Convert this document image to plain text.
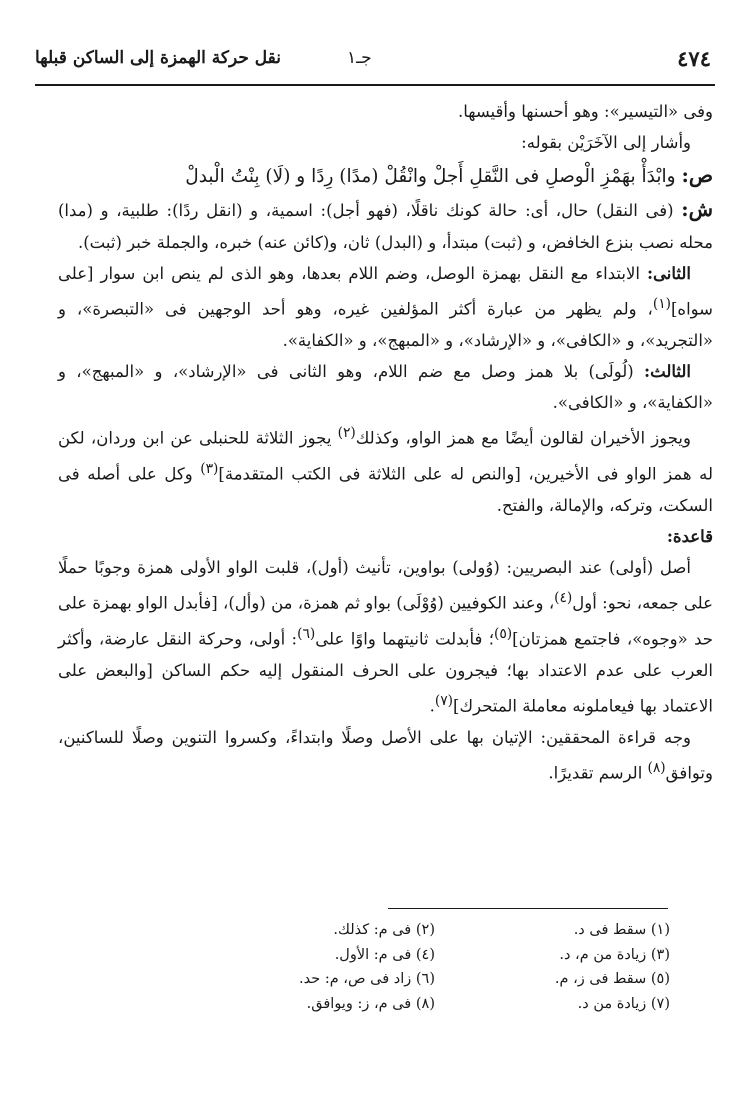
٤٧٤
جـ١
نقل حركة الهمزة إلى الساكن قبلها

وفى «التيسير»: وهو أحسنها وأقيسها.

وأشار إلى الآخَرَيْن بقوله:

ص: وابْدَأْ بهَمْزِ الْوصلِ فى النَّقلِ أَجلْ وانْقُلْ (مدًا) رِدًا و (لَا) بِنْتُ الْبدلْ

ش: (فى النقل) حال، أى: حالة كونك ناقلًا، (فهو أجل): اسمية، و (انقل ردًا): طلبية، و (مدا) محله نصب بنزع الخافض، و (ثبت) مبتدأ، و (البدل) ثان، و(كائن عنه) خبره، والجملة خبر (ثبت).

الثانى: الابتداء مع النقل بهمزة الوصل، وضم اللام بعدها، وهو الذى لم ينص ابن سوار [على سواه]$^{(١)}$، ولم يظهر من عبارة أكثر المؤلفين غيره، وهو أحد الوجهين فى «التبصرة»، و «التجريد»، و «الكافى»، و «الإرشاد»، و «المبهج»، و «الكفاية».

الثالث: (لُولَى) بلا همز وصل مع ضم اللام، وهو الثانى فى «الإرشاد»، و «المبهج»، و «الكفاية»، و «الكافى».

ويجوز الأخيران لقالون أيضًا مع همز الواو، وكذلك$^{(٢)}$ يجوز الثلاثة للحنبلى عن ابن وردان، لكن له همز الواو فى الأخيرين، [والنص له على الثلاثة فى الكتب المتقدمة]$^{(٣)}$ وكل على أصله فى السكت، وتركه، والإمالة، والفتح.

قاعدة:

أصل (أولى) عند البصريين: (وُولى) بواوين، تأنيث (أول)، قلبت الواو الأولى همزة وجوبًا حملًا على جمعه، نحو: أول$^{(٤)}$، وعند الكوفيين (وُوْلَى) بواو ثم همزة، من (وأل)، [فأبدل الواو بهمزة على حد «وجوه»، فاجتمع همزتان]$^{(٥)}$؛ فأبدلت ثانيتهما واوًا على$^{(٦)}$: أولى، وحركة النقل عارضة، وأكثر العرب على عدم الاعتداد بها؛ فيجرون على الحرف المنقول إليه حكم الساكن [والبعض على الاعتماد بها فيعاملونه معاملة المتحرك]$^{(٧)}$.

وجه قراءة المحققين: الإتيان بها على الأصل وصلًا وابتداءً، وكسروا التنوين وصلًا للساكنين، وتوافق$^{(٨)}$ الرسم تقديرًا.

(١) سقط فى د.
(٢) فى م: كذلك.
(٣) زيادة من م، د.
(٤) فى م: الأول.
(٥) سقط فى ز، م.
(٦) زاد فى ص، م: حد.
(٧) زيادة من د.
(٨) فى م، ز: ويوافق.
